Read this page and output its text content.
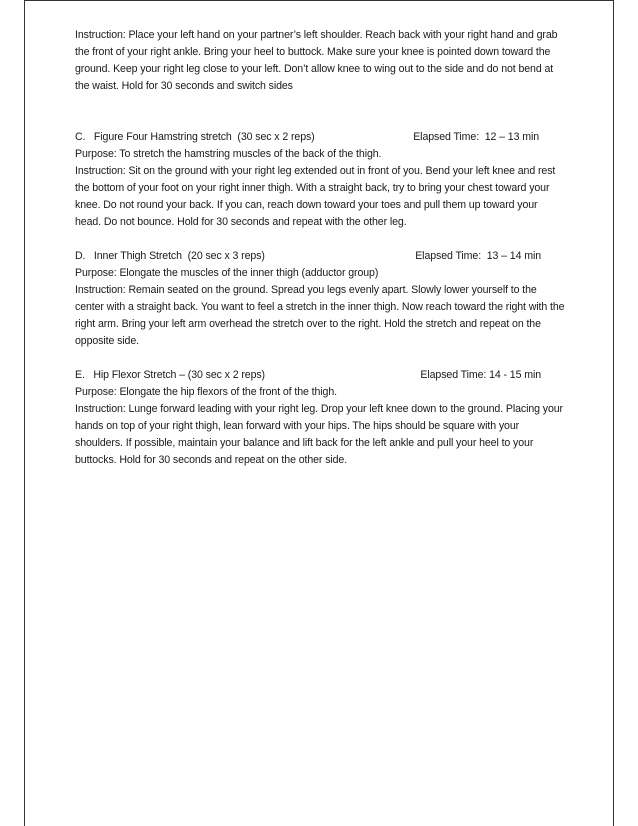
Instruction: Place your left hand on your partner’s left shoulder. Reach back with your right hand and grab the front of your right ankle. Bring your heel to buttock. Make sure your knee is pointed down toward the ground. Keep your right leg close to your left. Don’t allow knee to wing out to the side and do not bend at the waist. Hold for 30 seconds and switch sides

C.   Figure Four Hamstring stretch  (30 sec x 2 reps)	Elapsed Time:  12 – 13 min

Purpose: To stretch the hamstring muscles of the back of the thigh.

Instruction: Sit on the ground with your right leg extended out in front of you. Bend your left knee and rest the bottom of your foot on your right inner thigh. With a straight back, try to bring your chest toward your knee. Do not round your back. If you can, reach down toward your toes and pull them up toward your head. Do not bounce. Hold for 30 seconds and repeat with the other leg.

D.   Inner Thigh Stretch  (20 sec x 3 reps)	Elapsed Time:  13 – 14 min

Purpose: Elongate the muscles of the inner thigh (adductor group)

Instruction: Remain seated on the ground. Spread you legs evenly apart. Slowly lower yourself to the center with a straight back. You want to feel a stretch in the inner thigh. Now reach toward the right with the right arm. Bring your left arm overhead the stretch over to the right. Hold the stretch and repeat on the opposite side.

E.   Hip Flexor Stretch – (30 sec x 2 reps)	Elapsed Time: 14 - 15 min

Purpose: Elongate the hip flexors of the front of the thigh.

Instruction: Lunge forward leading with your right leg. Drop your left knee down to the ground. Placing your hands on top of your right thigh, lean forward with your hips. The hips should be square with your shoulders. If possible, maintain your balance and lift back for the left ankle and pull your heel to your buttocks. Hold for 30 seconds and repeat on the other side.
